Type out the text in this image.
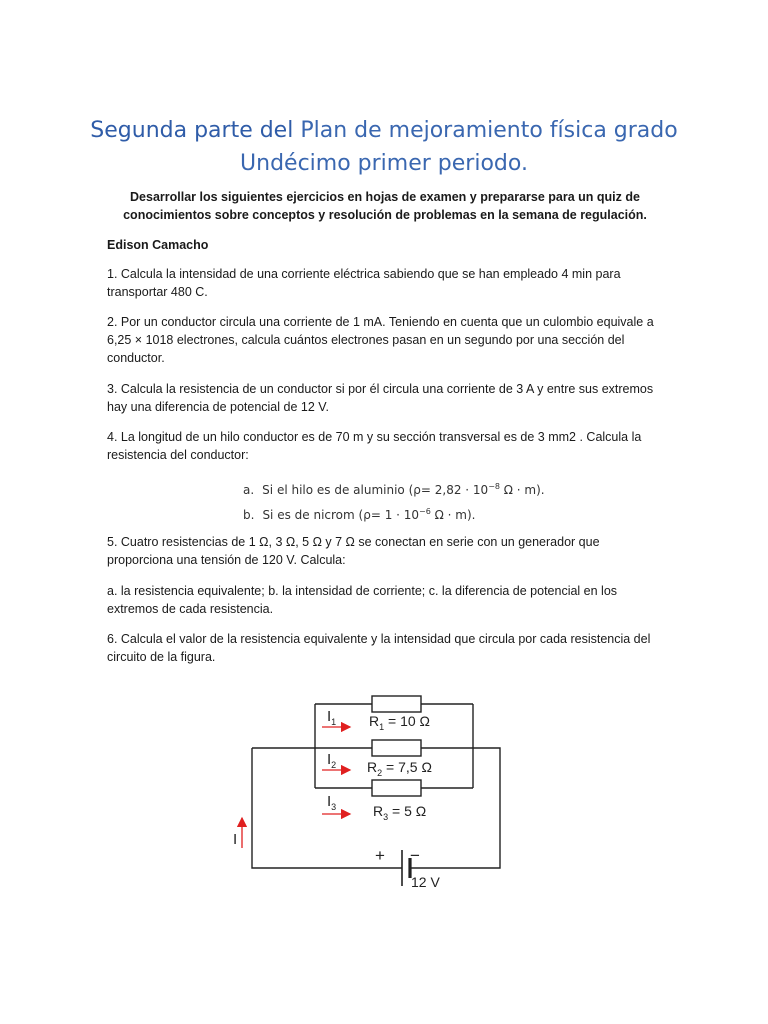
Segunda parte del Plan de mejoramiento física grado
Undécimo primer periodo.
Desarrollar los siguientes ejercicios en hojas de examen y prepararse para un quiz de conocimientos sobre conceptos y resolución de problemas en la semana de regulación.
Edison Camacho
1. Calcula la intensidad de una corriente eléctrica sabiendo que se han empleado 4 min para transportar 480 C.
2. Por un conductor circula una corriente de 1 mA. Teniendo en cuenta que un culombio equivale a 6,25 × 1018 electrones, calcula cuántos electrones pasan en un segundo por una sección del conductor.
3. Calcula la resistencia de un conductor si por él circula una corriente de 3 A y entre sus extremos hay una diferencia de potencial de 12 V.
4. La longitud de un hilo conductor es de 70 m y su sección transversal es de 3 mm2 . Calcula la resistencia del conductor:
a. Si el hilo es de aluminio ($\rho= 2,82 \cdot 10^{-8}$ Ω · m).
b. Si es de nicrom ($\rho= 1 \cdot 10^{-6}$ Ω · m).
5. Cuatro resistencias de 1 Ω, 3 Ω, 5 Ω y 7 Ω se conectan en serie con un generador que proporciona una tensión de 120 V. Calcula:
a. la resistencia equivalente; b. la intensidad de corriente; c. la diferencia de potencial en los extremos de cada resistencia.
6. Calcula el valor de la resistencia equivalente y la intensidad que circula por cada resistencia del circuito de la figura.
$I_1$
$I_2$
$I_3$
$R_1 = 10$ Ω
$R_2 = 7,5$ Ω
$R_3 = 5$ Ω
I
+ −
12 V
